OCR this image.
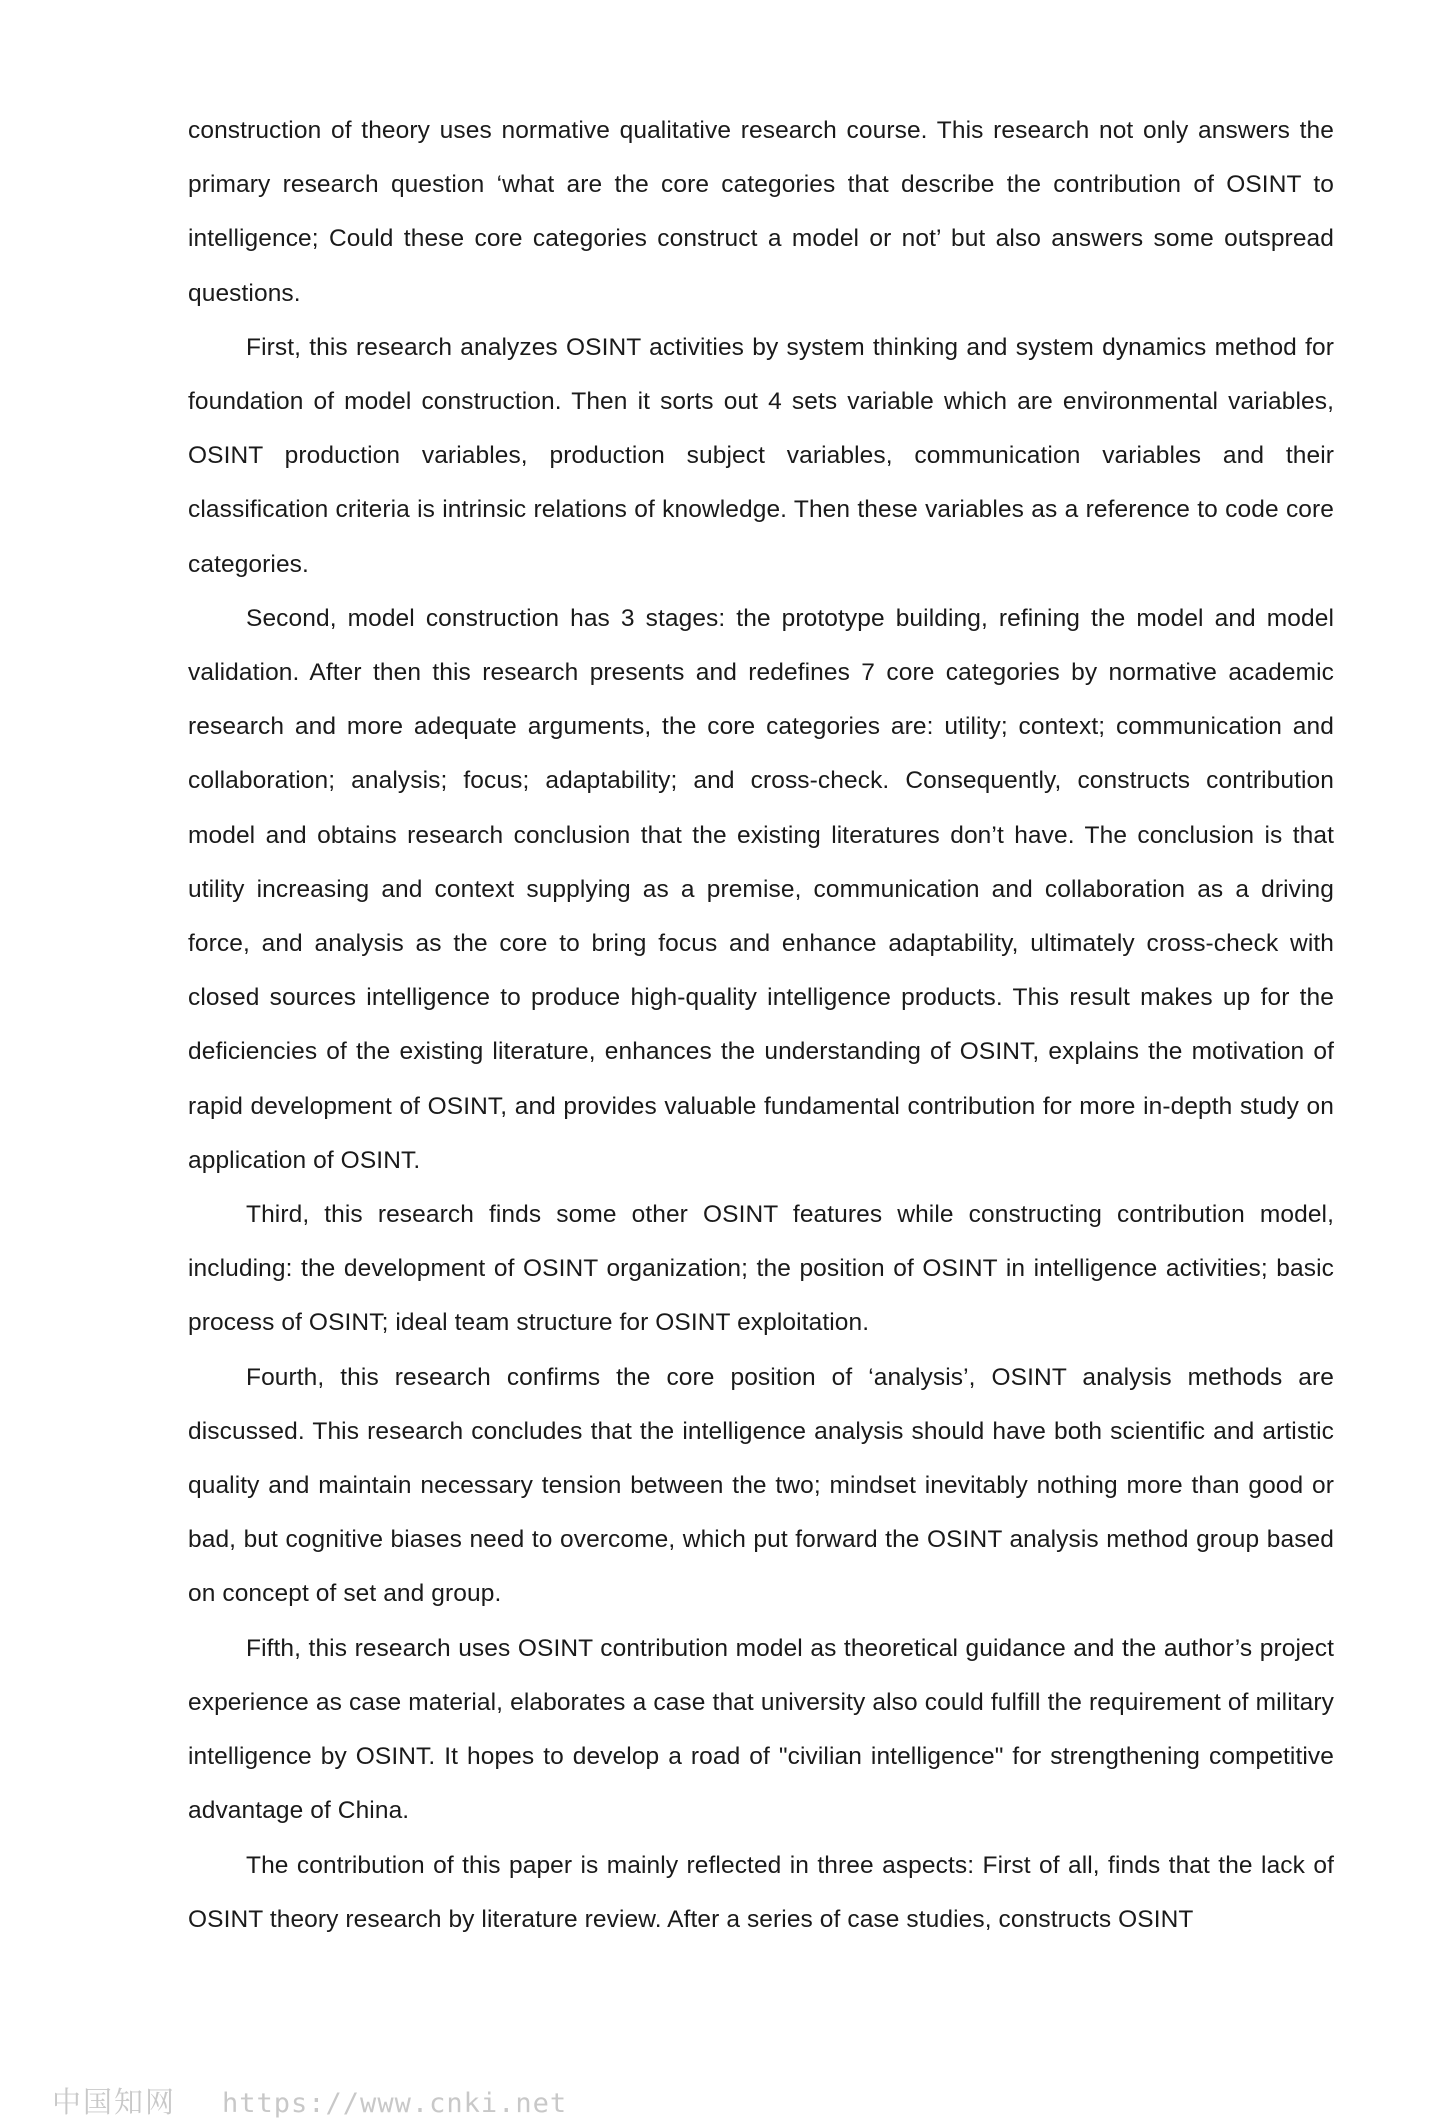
construction of theory uses normative qualitative research course. This research not only answers the primary research question ‘what are the core categories that describe the contribution of OSINT to intelligence; Could these core categories construct a model or not’ but also answers some outspread questions.

First, this research analyzes OSINT activities by system thinking and system dynamics method for foundation of model construction. Then it sorts out 4 sets variable which are environmental variables, OSINT production variables, production subject variables, communication variables and their classification criteria is intrinsic relations of knowledge. Then these variables as a reference to code core categories.

Second, model construction has 3 stages: the prototype building, refining the model and model validation. After then this research presents and redefines 7 core categories by normative academic research and more adequate arguments, the core categories are: utility; context; communication and collaboration; analysis; focus; adaptability; and cross-check. Consequently, constructs contribution model and obtains research conclusion that the existing literatures don’t have. The conclusion is that utility increasing and context supplying as a premise, communication and collaboration as a driving force, and analysis as the core to bring focus and enhance adaptability, ultimately cross-check with closed sources intelligence to produce high-quality intelligence products. This result makes up for the deficiencies of the existing literature, enhances the understanding of OSINT, explains the motivation of rapid development of OSINT, and provides valuable fundamental contribution for more in-depth study on application of OSINT.

Third, this research finds some other OSINT features while constructing contribution model, including: the development of OSINT organization; the position of OSINT in intelligence activities; basic process of OSINT; ideal team structure for OSINT exploitation.

Fourth, this research confirms the core position of ‘analysis’, OSINT analysis methods are discussed. This research concludes that the intelligence analysis should have both scientific and artistic quality and maintain necessary tension between the two; mindset inevitably nothing more than good or bad, but cognitive biases need to overcome, which put forward the OSINT analysis method group based on concept of set and group.

Fifth, this research uses OSINT contribution model as theoretical guidance and the author’s project experience as case material, elaborates a case that university also could fulfill the requirement of military intelligence by OSINT. It hopes to develop a road of "civilian intelligence" for strengthening competitive advantage of China.

The contribution of this paper is mainly reflected in three aspects: First of all, finds that the lack of OSINT theory research by literature review. After a series of case studies, constructs OSINT

中国知网 https://www.cnki.net
